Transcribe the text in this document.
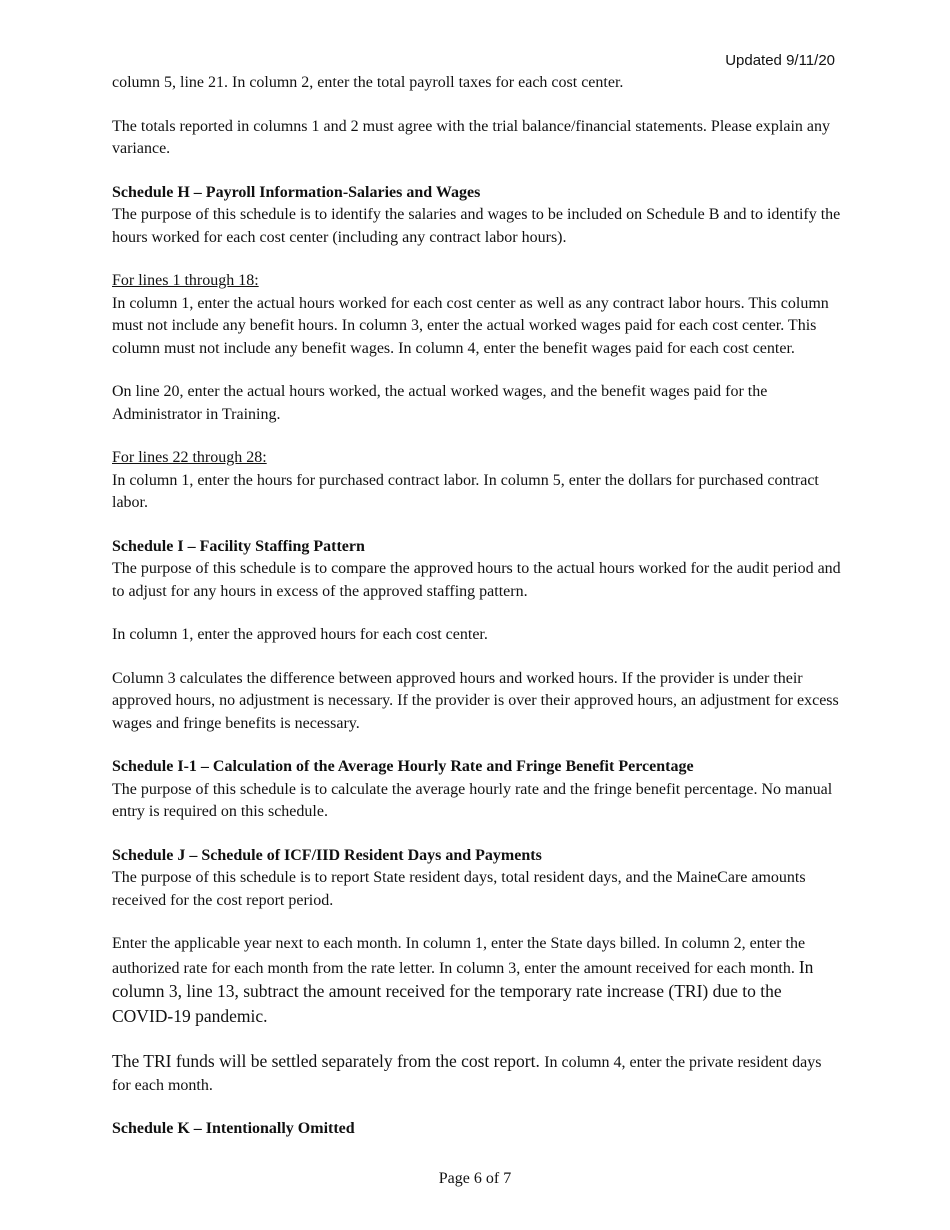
Updated 9/11/20

column 5, line 21. In column 2, enter the total payroll taxes for each cost center.

The totals reported in columns 1 and 2 must agree with the trial balance/financial statements. Please explain any variance.

Schedule H – Payroll Information-Salaries and Wages

The purpose of this schedule is to identify the salaries and wages to be included on Schedule B and to identify the hours worked for each cost center (including any contract labor hours).

For lines 1 through 18:

In column 1, enter the actual hours worked for each cost center as well as any contract labor hours. This column must not include any benefit hours. In column 3, enter the actual worked wages paid for each cost center. This column must not include any benefit wages. In column 4, enter the benefit wages paid for each cost center.

On line 20, enter the actual hours worked, the actual worked wages, and the benefit wages paid for the Administrator in Training.

For lines 22 through 28:

In column 1, enter the hours for purchased contract labor. In column 5, enter the dollars for purchased contract labor.

Schedule I – Facility Staffing Pattern

The purpose of this schedule is to compare the approved hours to the actual hours worked for the audit period and to adjust for any hours in excess of the approved staffing pattern.

In column 1, enter the approved hours for each cost center.

Column 3 calculates the difference between approved hours and worked hours. If the provider is under their approved hours, no adjustment is necessary. If the provider is over their approved hours, an adjustment for excess wages and fringe benefits is necessary.

Schedule I-1 – Calculation of the Average Hourly Rate and Fringe Benefit Percentage

The purpose of this schedule is to calculate the average hourly rate and the fringe benefit percentage. No manual entry is required on this schedule.

Schedule J – Schedule of ICF/IID Resident Days and Payments

The purpose of this schedule is to report State resident days, total resident days, and the MaineCare amounts received for the cost report period.

Enter the applicable year next to each month. In column 1, enter the State days billed. In column 2, enter the authorized rate for each month from the rate letter. In column 3, enter the amount received for each month. In column 3, line 13, subtract the amount received for the temporary rate increase (TRI) due to the COVID-19 pandemic.

The TRI funds will be settled separately from the cost report. In column 4, enter the private resident days for each month.

Schedule K – Intentionally Omitted
Page 6 of 7
